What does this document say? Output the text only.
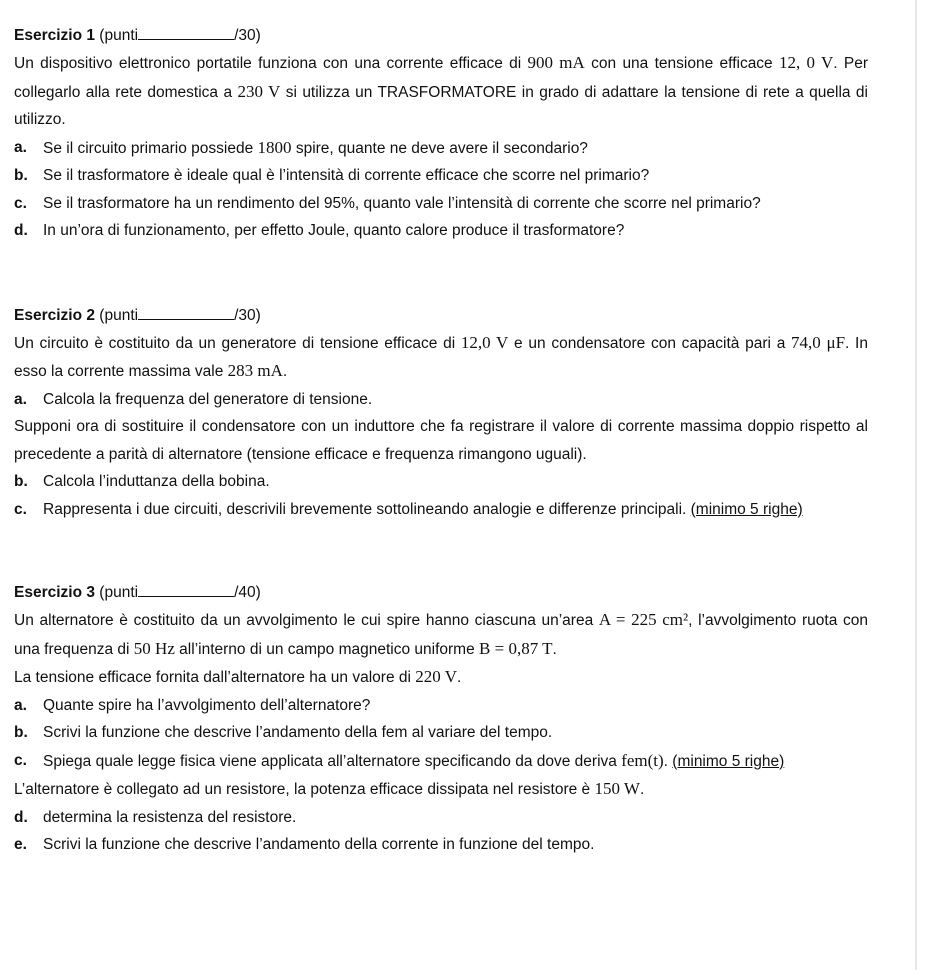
Esercizio 1 (punti	/30)

Un dispositivo elettronico portatile funziona con una corrente efficace di 900 mA con una tensione efficace 12, 0 V. Per collegarlo alla rete domestica a 230 V si utilizza un TRASFORMATORE in grado di adattare la tensione di rete a quella di utilizzo.

a.	Se il circuito primario possiede 1800 spire, quante ne deve avere il secondario?
b. Se il trasformatore è ideale qual è l’intensità di corrente efficace che scorre nel primario?
c.	Se il trasformatore ha un rendimento del 95%, quanto vale l’intensità di corrente che scorre nel primario?
d. In un’ora di funzionamento, per effetto Joule, quanto calore produce il trasformatore?
Esercizio 2 (punti	/30)

Un circuito è costituito da un generatore di tensione efficace di 12,0 V e un condensatore con capacità pari a 74,0 μF. In esso la corrente massima vale 283 mA.

a.	Calcola la frequenza del generatore di tensione.

Supponi ora di sostituire il condensatore con un induttore che fa registrare il valore di corrente massima doppio rispetto al precedente a parità di alternatore (tensione efficace e frequenza rimangono uguali).

b. Calcola l’induttanza della bobina.
c.	Rappresenta i due circuiti, descrivili brevemente sottolineando analogie e differenze principali. (minimo 5 righe)
Esercizio 3 (punti	/40)

Un alternatore è costituito da un avvolgimento le cui spire hanno ciascuna un’area A = 225 cm², l’avvolgimento ruota con una frequenza di 50 Hz all’interno di un campo magnetico uniforme B = 0,87 T.

La tensione efficace fornita dall’alternatore ha un valore di 220 V.

a.	Quante spire ha l’avvolgimento dell’alternatore?
b. Scrivi la funzione che descrive l’andamento della fem al variare del tempo.
c.	Spiega quale legge fisica viene applicata all’alternatore specificando da dove deriva fem(t). (minimo 5 righe)

L’alternatore è collegato ad un resistore, la potenza efficace dissipata nel resistore è 150 W.

d. determina la resistenza del resistore.
e.	Scrivi la funzione che descrive l’andamento della corrente in funzione del tempo.
